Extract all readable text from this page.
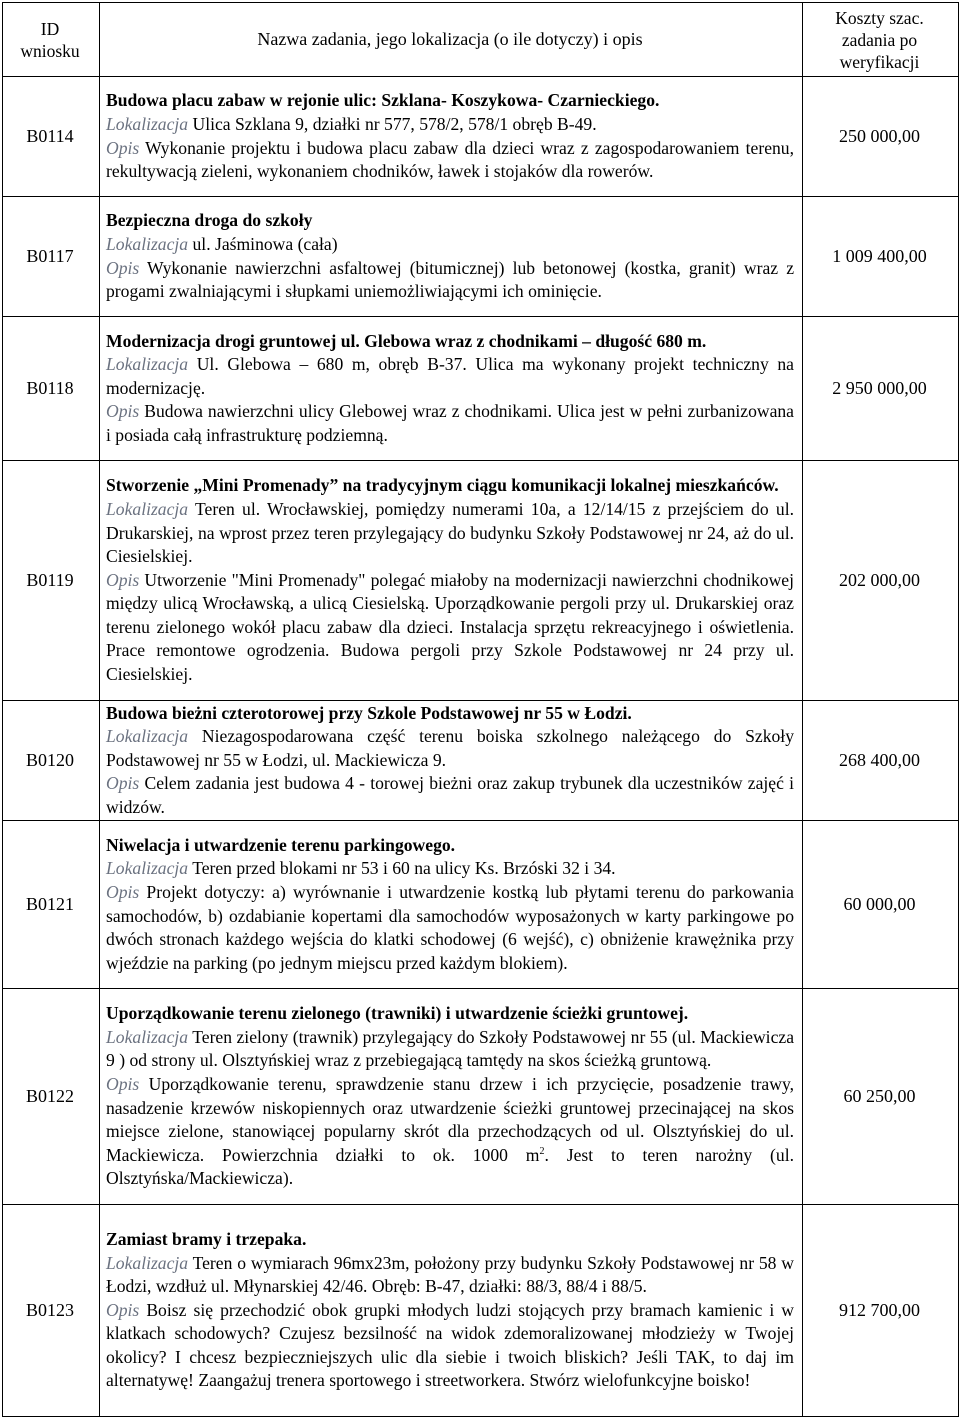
ID
wniosku	Nazwa zadania, jego lokalizacja (o ile dotyczy) i opis	Koszty szac.
zadania po
weryfikacji
B0114	Budowa placu zabaw w rejonie ulic: Szklana- Koszykowa- Czarnieckiego.

Lokalizacja Ulica Szklana 9, działki nr 577, 578/2, 578/1 obręb B-49.

Opis Wykonanie projektu i budowa placu zabaw dla dzieci wraz z zagospodarowaniem terenu, rekultywacją zieleni, wykonaniem chodników, ławek i stojaków dla rowerów.	250 000,00
B0117	Bezpieczna droga do szkoły

Lokalizacja ul. Jaśminowa (cała)

Opis Wykonanie nawierzchni asfaltowej (bitumicznej) lub betonowej (kostka, granit) wraz z progami zwalniającymi i słupkami uniemożliwiającymi ich ominięcie.	1 009 400,00
B0118	Modernizacja drogi gruntowej ul. Glebowa wraz z chodnikami – długość 680 m.

Lokalizacja Ul. Glebowa – 680 m, obręb B-37. Ulica ma wykonany projekt techniczny na modernizację.

Opis Budowa nawierzchni ulicy Glebowej wraz z chodnikami. Ulica jest w pełni zurbanizowana i posiada całą infrastrukturę podziemną.	2 950 000,00
B0119	Stworzenie „Mini Promenady” na tradycyjnym ciągu komunikacji lokalnej mieszkańców.

Lokalizacja Teren ul. Wrocławskiej, pomiędzy numerami 10a, a 12/14/15 z przejściem do ul. Drukarskiej, na wprost przez teren przylegający do budynku Szkoły Podstawowej nr 24, aż do ul. Ciesielskiej.

Opis Utworzenie "Mini Promenady" polegać miałoby na modernizacji nawierzchni chodnikowej między ulicą Wrocławską, a ulicą Ciesielską. Uporządkowanie pergoli przy ul. Drukarskiej oraz terenu zielonego wokół placu zabaw dla dzieci. Instalacja sprzętu rekreacyjnego i oświetlenia. Prace remontowe ogrodzenia. Budowa pergoli przy Szkole Podstawowej nr 24 przy ul. Ciesielskiej.	202 000,00
B0120	Budowa bieżni czterotorowej przy Szkole Podstawowej nr 55 w Łodzi.

Lokalizacja Niezagospodarowana część terenu boiska szkolnego należącego do Szkoły Podstawowej nr 55 w Łodzi, ul. Mackiewicza 9.

Opis Celem zadania jest budowa 4 - torowej bieżni oraz zakup trybunek dla uczestników zajęć i widzów.	268 400,00
B0121	Niwelacja i utwardzenie terenu parkingowego.

Lokalizacja Teren przed blokami nr 53 i 60 na ulicy Ks. Brzóski 32 i 34.

Opis Projekt dotyczy: a) wyrównanie i utwardzenie kostką lub płytami terenu do parkowania samochodów, b) ozdabianie kopertami dla samochodów wyposażonych w karty parkingowe po dwóch stronach każdego wejścia do klatki schodowej (6 wejść), c) obniżenie krawężnika przy wjeździe na parking (po jednym miejscu przed każdym blokiem).	60 000,00
B0122	Uporządkowanie terenu zielonego (trawniki) i utwardzenie ścieżki gruntowej.

Lokalizacja Teren zielony (trawnik) przylegający do Szkoły Podstawowej nr 55 (ul. Mackiewicza 9 ) od strony ul. Olsztyńskiej wraz z przebiegającą tamtędy na skos ścieżką gruntową.

Opis Uporządkowanie terenu, sprawdzenie stanu drzew i ich przycięcie, posadzenie trawy, nasadzenie krzewów niskopiennych oraz utwardzenie ścieżki gruntowej przecinającej na skos miejsce zielone, stanowiącej popularny skrót dla przechodzących od ul. Olsztyńskiej do ul. Mackiewicza. Powierzchnia działki to ok. 1000 $m^2$. Jest to teren narożny (ul. Olsztyńska/Mackiewicza).	60 250,00
B0123	Zamiast bramy i trzepaka.

Lokalizacja Teren o wymiarach 96mx23m, położony przy budynku Szkoły Podstawowej nr 58 w Łodzi, wzdłuż ul. Młynarskiej 42/46. Obręb: B-47, działki: 88/3, 88/4 i 88/5.

Opis Boisz się przechodzić obok grupki młodych ludzi stojących przy bramach kamienic i w klatkach schodowych? Czujesz bezsilność na widok zdemoralizowanej młodzieży w Twojej okolicy? I chcesz bezpieczniejszych ulic dla siebie i twoich bliskich? Jeśli TAK, to daj im alternatywę! Zaangażuj trenera sportowego i streetworkera. Stwórz wielofunkcyjne boisko!	912 700,00
